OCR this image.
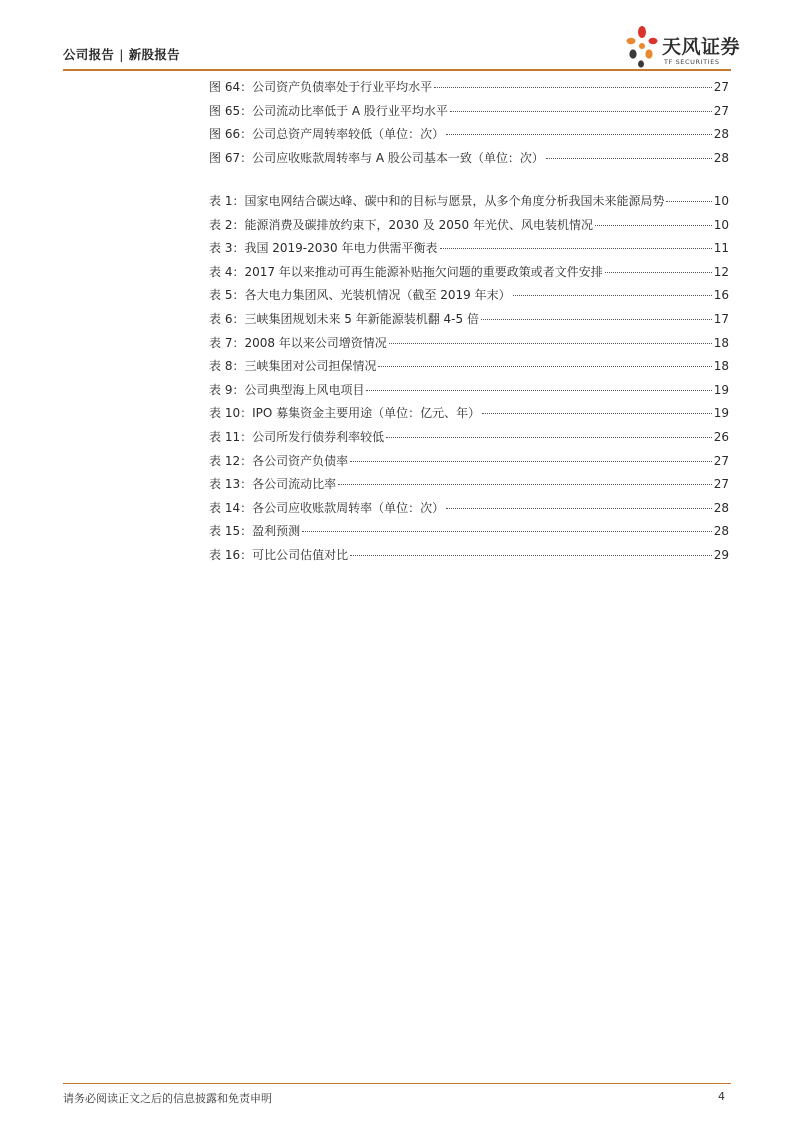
公司报告 | 新股报告	天风证券
TF SECURITIES
图 64：公司资产负债率处于行业平均水平	27
图 65：公司流动比率低于 A 股行业平均水平	27
图 66：公司总资产周转率较低（单位：次）	28
图 67：公司应收账款周转率与 A 股公司基本一致（单位：次）	28
表 1：国家电网结合碳达峰、碳中和的目标与愿景，从多个角度分析我国未来能源局势	10
表 2：能源消费及碳排放约束下，2030 及 2050 年光伏、风电装机情况	10
表 3：我国 2019-2030 年电力供需平衡表	11
表 4：2017 年以来推动可再生能源补贴拖欠问题的重要政策或者文件安排	12
表 5：各大电力集团风、光装机情况（截至 2019 年末）	16
表 6：三峡集团规划未来 5 年新能源装机翻 4-5 倍	17
表 7：2008 年以来公司增资情况	18
表 8：三峡集团对公司担保情况	18
表 9：公司典型海上风电项目	19
表 10：IPO 募集资金主要用途（单位：亿元、年）	19
表 11：公司所发行债券利率较低	26
表 12：各公司资产负债率	27
表 13：各公司流动比率	27
表 14：各公司应收账款周转率（单位：次）	28
表 15：盈利预测	28
表 16：可比公司估值对比	29
请务必阅读正文之后的信息披露和免责申明	4
